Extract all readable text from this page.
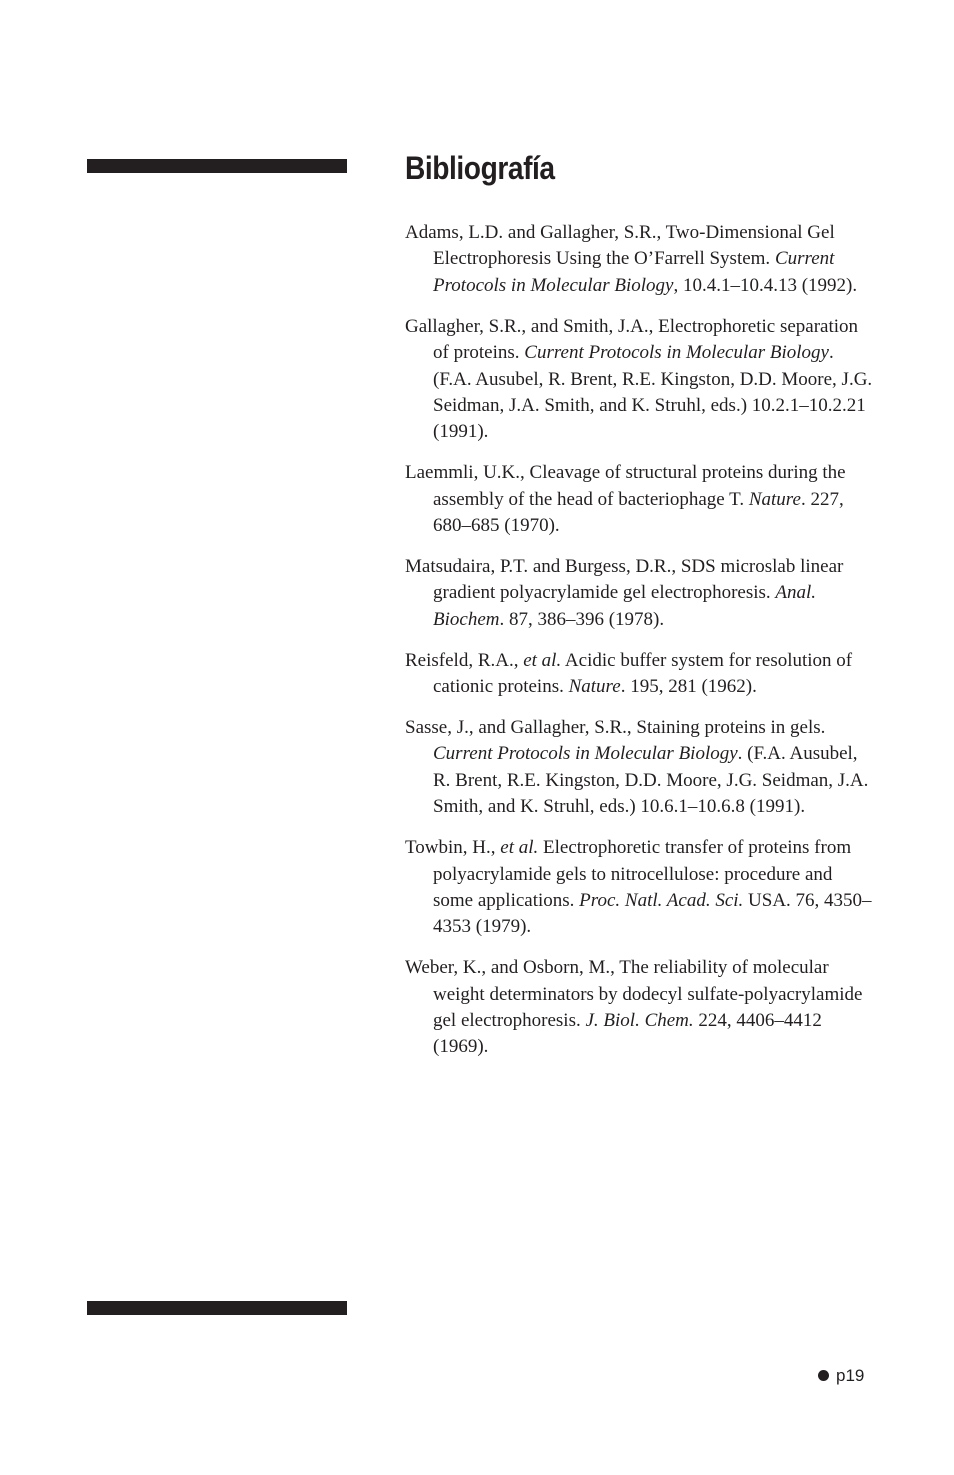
Bibliografía
Adams, L.D. and Gallagher, S.R., Two-Dimensional Gel Electrophoresis Using the O’Farrell System. Current Protocols in Molecular Biology, 10.4.1–10.4.13 (1992).
Gallagher, S.R., and Smith, J.A., Electrophoretic separation of proteins. Current Protocols in Molecular Biology. (F.A. Ausubel, R. Brent, R.E. Kingston, D.D. Moore, J.G. Seidman, J.A. Smith, and K. Struhl, eds.) 10.2.1–10.2.21 (1991).
Laemmli, U.K., Cleavage of structural proteins during the assembly of the head of bacteriophage T. Nature. 227, 680–685 (1970).
Matsudaira, P.T. and Burgess, D.R., SDS microslab linear gradient polyacrylamide gel electrophoresis. Anal. Biochem. 87, 386–396 (1978).
Reisfeld, R.A., et al. Acidic buffer system for resolution of cationic proteins. Nature. 195, 281 (1962).
Sasse, J., and Gallagher, S.R., Staining proteins in gels. Current Protocols in Molecular Biology. (F.A. Ausubel, R. Brent, R.E. Kingston, D.D. Moore, J.G. Seidman, J.A. Smith, and K. Struhl, eds.) 10.6.1–10.6.8 (1991).
Towbin, H., et al. Electrophoretic transfer of proteins from polyacrylamide gels to nitrocellulose: procedure and some applications. Proc. Natl. Acad. Sci. USA. 76, 4350–4353 (1979).
Weber, K., and Osborn, M., The reliability of molecular weight determinators by dodecyl sulfate-polyacrylamide gel electrophoresis. J. Biol. Chem. 224, 4406–4412 (1969).
p19
